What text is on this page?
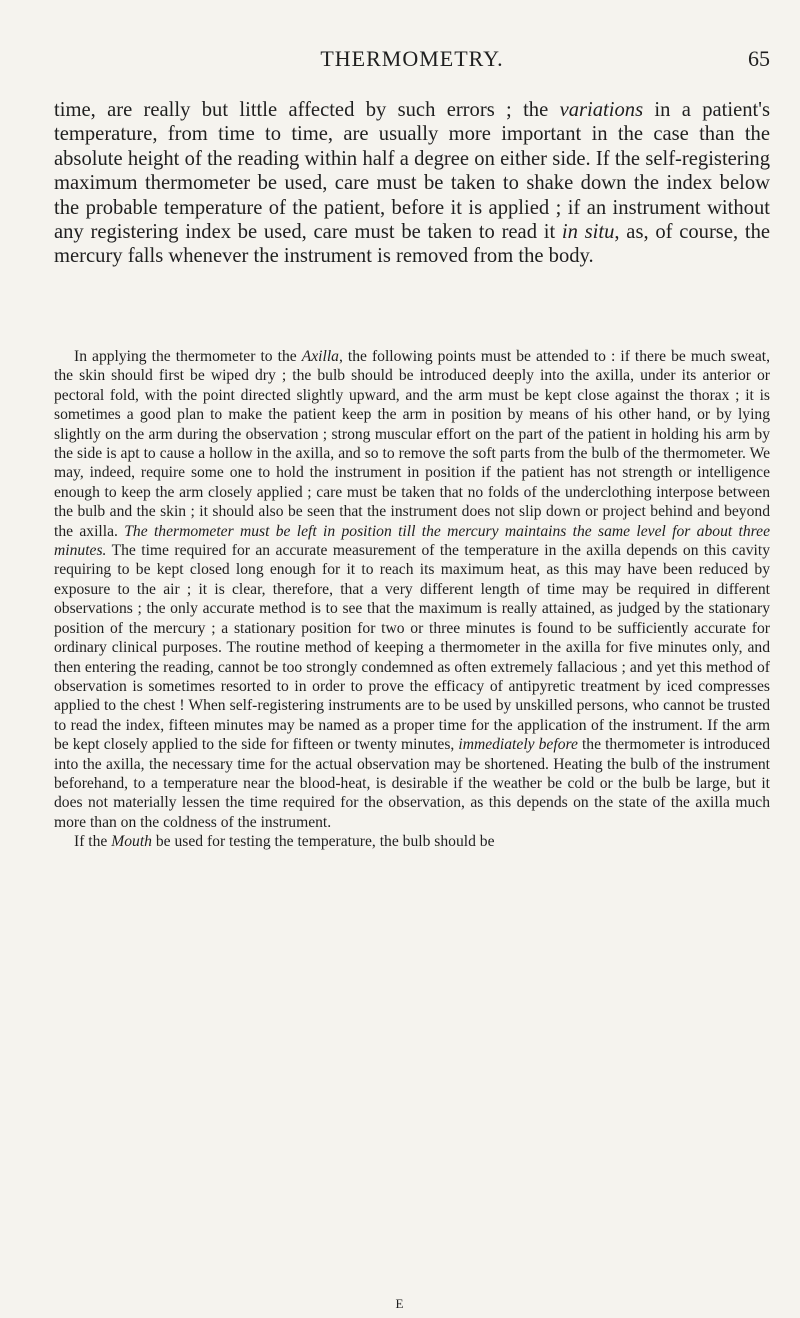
THERMOMETRY.	65

time, are really but little affected by such errors ; the variations in a patient's temperature, from time to time, are usually more important in the case than the absolute height of the reading within half a degree on either side. If the self-registering maximum thermometer be used, care must be taken to shake down the index below the probable temperature of the patient, before it is applied ; if an instrument without any registering index be used, care must be taken to read it in situ, as, of course, the mercury falls whenever the instrument is removed from the body.

In applying the thermometer to the Axilla, the following points must be attended to : if there be much sweat, the skin should first be wiped dry ; the bulb should be introduced deeply into the axilla, under its anterior or pectoral fold, with the point directed slightly upward, and the arm must be kept close against the thorax ; it is sometimes a good plan to make the patient keep the arm in position by means of his other hand, or by lying slightly on the arm during the observation ; strong muscular effort on the part of the patient in holding his arm by the side is apt to cause a hollow in the axilla, and so to remove the soft parts from the bulb of the thermometer. We may, indeed, require some one to hold the instrument in position if the patient has not strength or intelligence enough to keep the arm closely applied ; care must be taken that no folds of the underclothing interpose between the bulb and the skin ; it should also be seen that the instrument does not slip down or project behind and beyond the axilla. The thermometer must be left in position till the mercury maintains the same level for about three minutes. The time required for an accurate measurement of the temperature in the axilla depends on this cavity requiring to be kept closed long enough for it to reach its maximum heat, as this may have been reduced by exposure to the air ; it is clear, therefore, that a very different length of time may be required in different observations ; the only accurate method is to see that the maximum is really attained, as judged by the stationary position of the mercury ; a stationary position for two or three minutes is found to be sufficiently accurate for ordinary clinical purposes. The routine method of keeping a thermometer in the axilla for five minutes only, and then entering the reading, cannot be too strongly condemned as often extremely fallacious ; and yet this method of observation is sometimes resorted to in order to prove the efficacy of antipyretic treatment by iced compresses applied to the chest ! When self-registering instruments are to be used by unskilled persons, who cannot be trusted to read the index, fifteen minutes may be named as a proper time for the application of the instrument. If the arm be kept closely applied to the side for fifteen or twenty minutes, immediately before the thermometer is introduced into the axilla, the necessary time for the actual observation may be shortened. Heating the bulb of the instrument beforehand, to a temperature near the blood-heat, is desirable if the weather be cold or the bulb be large, but it does not materially lessen the time required for the observation, as this depends on the state of the axilla much more than on the coldness of the instrument.

If the Mouth be used for testing the temperature, the bulb should be

E
